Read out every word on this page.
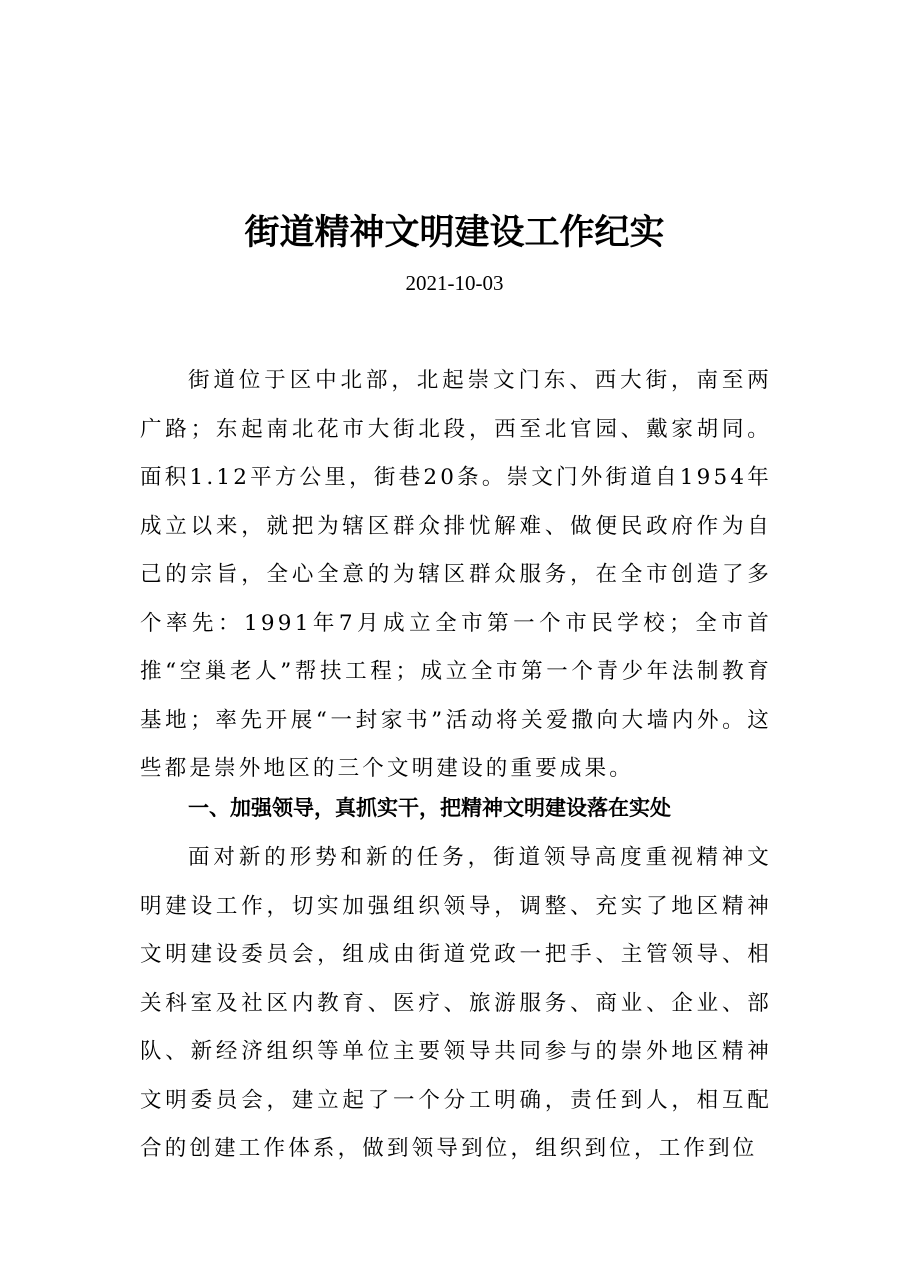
街道精神文明建设工作纪实
2021-10-03

街道位于区中北部，北起崇文门东、西大街，南至两广路；东起南北花市大街北段，西至北官园、戴家胡同。面积1.12平方公里，街巷20条。崇文门外街道自1954年成立以来，就把为辖区群众排忧解难、做便民政府作为自己的宗旨，全心全意的为辖区群众服务，在全市创造了多个率先：1991年7月成立全市第一个市民学校；全市首推“空巢老人”帮扶工程；成立全市第一个青少年法制教育基地；率先开展“一封家书”活动将关爱撒向大墙内外。这些都是崇外地区的三个文明建设的重要成果。

一、加强领导，真抓实干，把精神文明建设落在实处

面对新的形势和新的任务，街道领导高度重视精神文明建设工作，切实加强组织领导，调整、充实了地区精神文明建设委员会，组成由街道党政一把手、主管领导、相关科室及社区内教育、医疗、旅游服务、商业、企业、部队、新经济组织等单位主要领导共同参与的崇外地区精神文明委员会，建立起了一个分工明确，责任到人，相互配合的创建工作体系，做到领导到位，组织到位，工作到位
